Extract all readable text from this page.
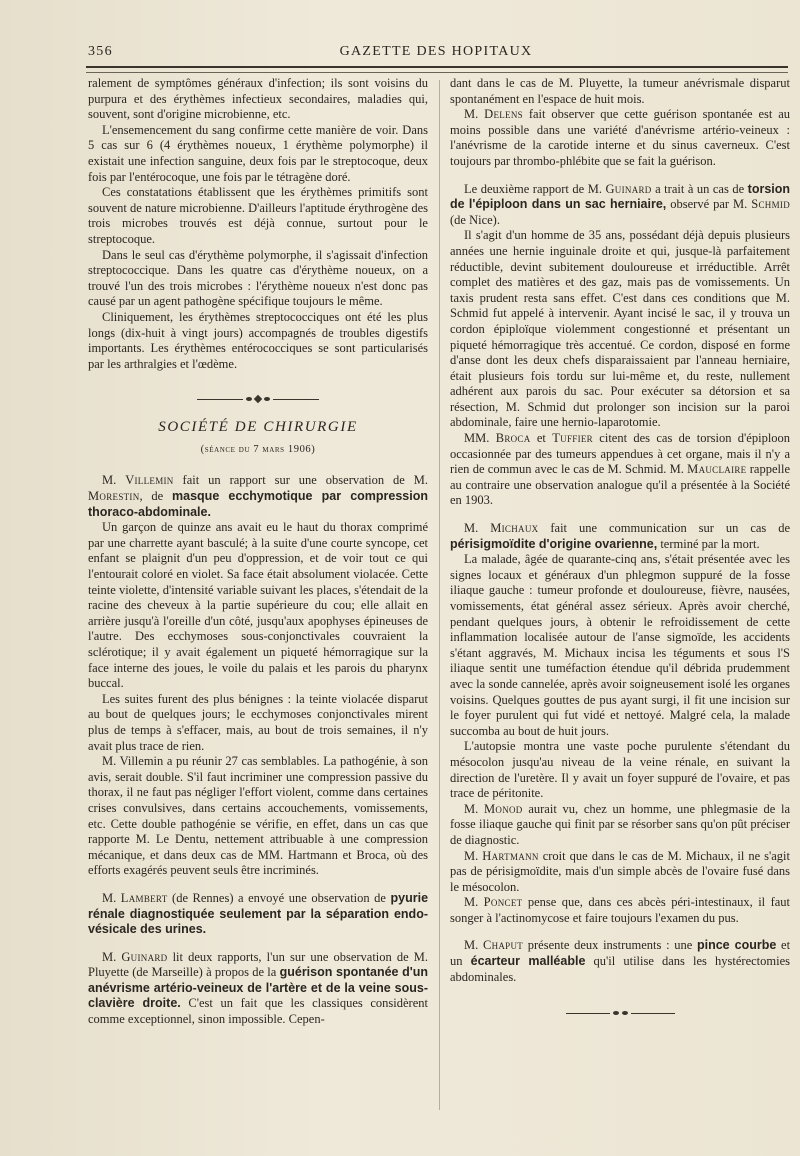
356	GAZETTE DES HOPITAUX

ralement de symptômes généraux d'infection; ils sont voisins du purpura et des érythèmes infectieux secondaires, maladies qui, souvent, sont d'origine microbienne, etc.

L'ensemencement du sang confirme cette manière de voir. Dans 5 cas sur 6 (4 érythèmes noueux, 1 érythème polymorphe) il existait une infection sanguine, deux fois par le streptocoque, deux fois par l'entérocoque, une fois par le tétragène doré.

Ces constatations établissent que les érythèmes primitifs sont souvent de nature microbienne. D'ailleurs l'aptitude érythrogène des trois microbes trouvés est déjà connue, surtout pour le streptocoque.

Dans le seul cas d'érythème polymorphe, il s'agissait d'infection streptococcique. Dans les quatre cas d'érythème noueux, on a trouvé l'un des trois microbes : l'érythème noueux n'est donc pas causé par un agent pathogène spécifique toujours le même.

Cliniquement, les érythèmes streptococciques ont été les plus longs (dix-huit à vingt jours) accompagnés de troubles digestifs importants. Les érythèmes entérococciques se sont particularisés par les arthralgies et l'œdème.

SOCIÉTÉ DE CHIRURGIE
(séance du 7 mars 1906)

M. Villemin fait un rapport sur une observation de M. Morestin, de masque ecchymotique par compression thoraco-abdominale.

Un garçon de quinze ans avait eu le haut du thorax comprimé par une charrette ayant basculé; à la suite d'une courte syncope, cet enfant se plaignit d'un peu d'oppression, et de voir tout ce qui l'entourait coloré en violet. Sa face était absolument violacée. Cette teinte violette, d'intensité variable suivant les places, s'étendait de la racine des cheveux à la partie supérieure du cou; elle allait en arrière jusqu'à l'oreille d'un côté, jusqu'aux apophyses épineuses de l'autre. Des ecchymoses sous-conjonctivales couvraient la sclérotique; il y avait également un piqueté hémorragique sur la face interne des joues, le voile du palais et les parois du pharynx buccal.

Les suites furent des plus bénignes : la teinte violacée disparut au bout de quelques jours; le ecchymoses conjonctivales mirent plus de temps à s'effacer, mais, au bout de trois semaines, il n'y avait plus trace de rien.

M. Villemin a pu réunir 27 cas semblables. La pathogénie, à son avis, serait double. S'il faut incriminer une compression passive du thorax, il ne faut pas négliger l'effort violent, comme dans certaines crises convulsives, dans certains accouchements, vomissements, etc. Cette double pathogénie se vérifie, en effet, dans un cas que rapporte M. Le Dentu, nettement attribuable à une compression mécanique, et dans deux cas de MM. Hartmann et Broca, où des efforts exagérés peuvent seuls être incriminés.

M. Lambert (de Rennes) a envoyé une observation de pyurie rénale diagnostiquée seulement par la séparation endo-vésicale des urines.

M. Guinard lit deux rapports, l'un sur une observation de M. Pluyette (de Marseille) à propos de la guérison spontanée d'un anévrisme artério-veineux de l'artère et de la veine sous-clavière droite. C'est un fait que les classiques considèrent comme exceptionnel, sinon impossible. Cepen-

dant dans le cas de M. Pluyette, la tumeur anévrismale disparut spontanément en l'espace de huit mois.

M. Delens fait observer que cette guérison spontanée est au moins possible dans une variété d'anévrisme artério-veineux : l'anévrisme de la carotide interne et du sinus caverneux. C'est toujours par thrombo-phlébite que se fait la guérison.

Le deuxième rapport de M. Guinard a trait à un cas de torsion de l'épiploon dans un sac herniaire, observé par M. Schmid (de Nice).

Il s'agit d'un homme de 35 ans, possédant déjà depuis plusieurs années une hernie inguinale droite et qui, jusque-là parfaitement réductible, devint subitement douloureuse et irréductible. Arrêt complet des matières et des gaz, mais pas de vomissements. Un taxis prudent resta sans effet. C'est dans ces conditions que M. Schmid fut appelé à intervenir. Ayant incisé le sac, il y trouva un cordon épiploïque violemment congestionné et présentant un piqueté hémorragique très accentué. Ce cordon, disposé en forme d'anse dont les deux chefs disparaissaient par l'anneau herniaire, était plusieurs fois tordu sur lui-même et, du reste, nullement adhérent aux parois du sac. Pour exécuter sa détorsion et sa résection, M. Schmid dut prolonger son incision sur la paroi abdominale, faire une hernio-laparotomie.

MM. Broca et Tuffier citent des cas de torsion d'épiploon occasionnée par des tumeurs appendues à cet organe, mais il n'y a rien de commun avec le cas de M. Schmid. M. Mauclaire rappelle au contraire une observation analogue qu'il a présentée à la Société en 1903.

M. Michaux fait une communication sur un cas de périsigmoïdite d'origine ovarienne, terminé par la mort.

La malade, âgée de quarante-cinq ans, s'était présentée avec les signes locaux et généraux d'un phlegmon suppuré de la fosse iliaque gauche : tumeur profonde et douloureuse, fièvre, nausées, vomissements, état général assez sérieux. Après avoir cherché, pendant quelques jours, à obtenir le refroidissement de cette inflammation localisée autour de l'anse sigmoïde, les accidents s'étant aggravés, M. Michaux incisa les téguments et sous l'S iliaque sentit une tuméfaction étendue qu'il débrida prudemment avec la sonde cannelée, après avoir soigneusement isolé les organes voisins. Quelques gouttes de pus ayant surgi, il fit une incision sur le foyer purulent qui fut vidé et nettoyé. Malgré cela, la malade succomba au bout de huit jours.

L'autopsie montra une vaste poche purulente s'étendant du mésocolon jusqu'au niveau de la veine rénale, en suivant la direction de l'uretère. Il y avait un foyer suppuré de l'ovaire, et pas trace de péritonite.

M. Monod aurait vu, chez un homme, une phlegmasie de la fosse iliaque gauche qui finit par se résorber sans qu'on pût préciser de diagnostic.

M. Hartmann croit que dans le cas de M. Michaux, il ne s'agit pas de périsigmoïdite, mais d'un simple abcès de l'ovaire fusé dans le mésocolon.

M. Poncet pense que, dans ces abcès péri-intestinaux, il faut songer à l'actinomycose et faire toujours l'examen du pus.

M. Chaput présente deux instruments : une pince courbe et un écarteur malléable qu'il utilise dans les hystérectomies abdominales.
